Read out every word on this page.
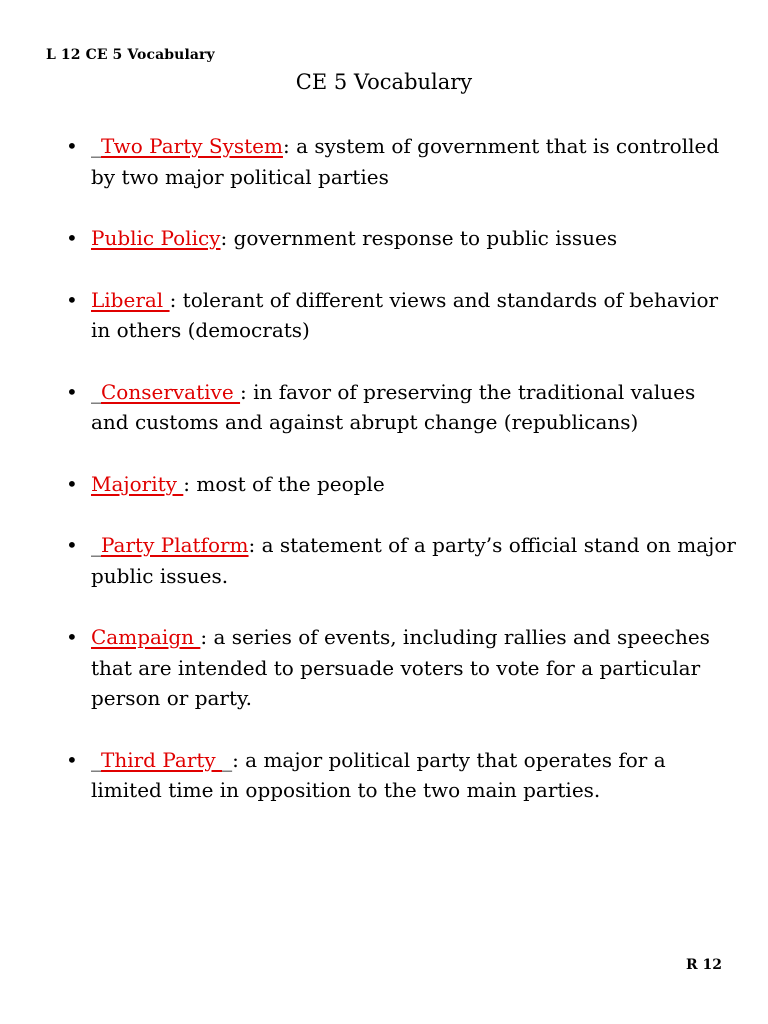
L 12 CE 5 Vocabulary
CE 5 Vocabulary
• _Two Party System: a system of government that is controlled by two major political parties
• Public Policy: government response to public issues
• Liberal : tolerant of different views and standards of behavior in others (democrats)
• _Conservative : in favor of preserving the traditional values and customs and against abrupt change (republicans)
• Majority : most of the people
• _Party Platform: a statement of a party’s official stand on major public issues.
• Campaign : a series of events, including rallies and speeches that are intended to persuade voters to vote for a particular person or party.
• _Third Party _: a major political party that operates for a limited time in opposition to the two main parties.
R 12
